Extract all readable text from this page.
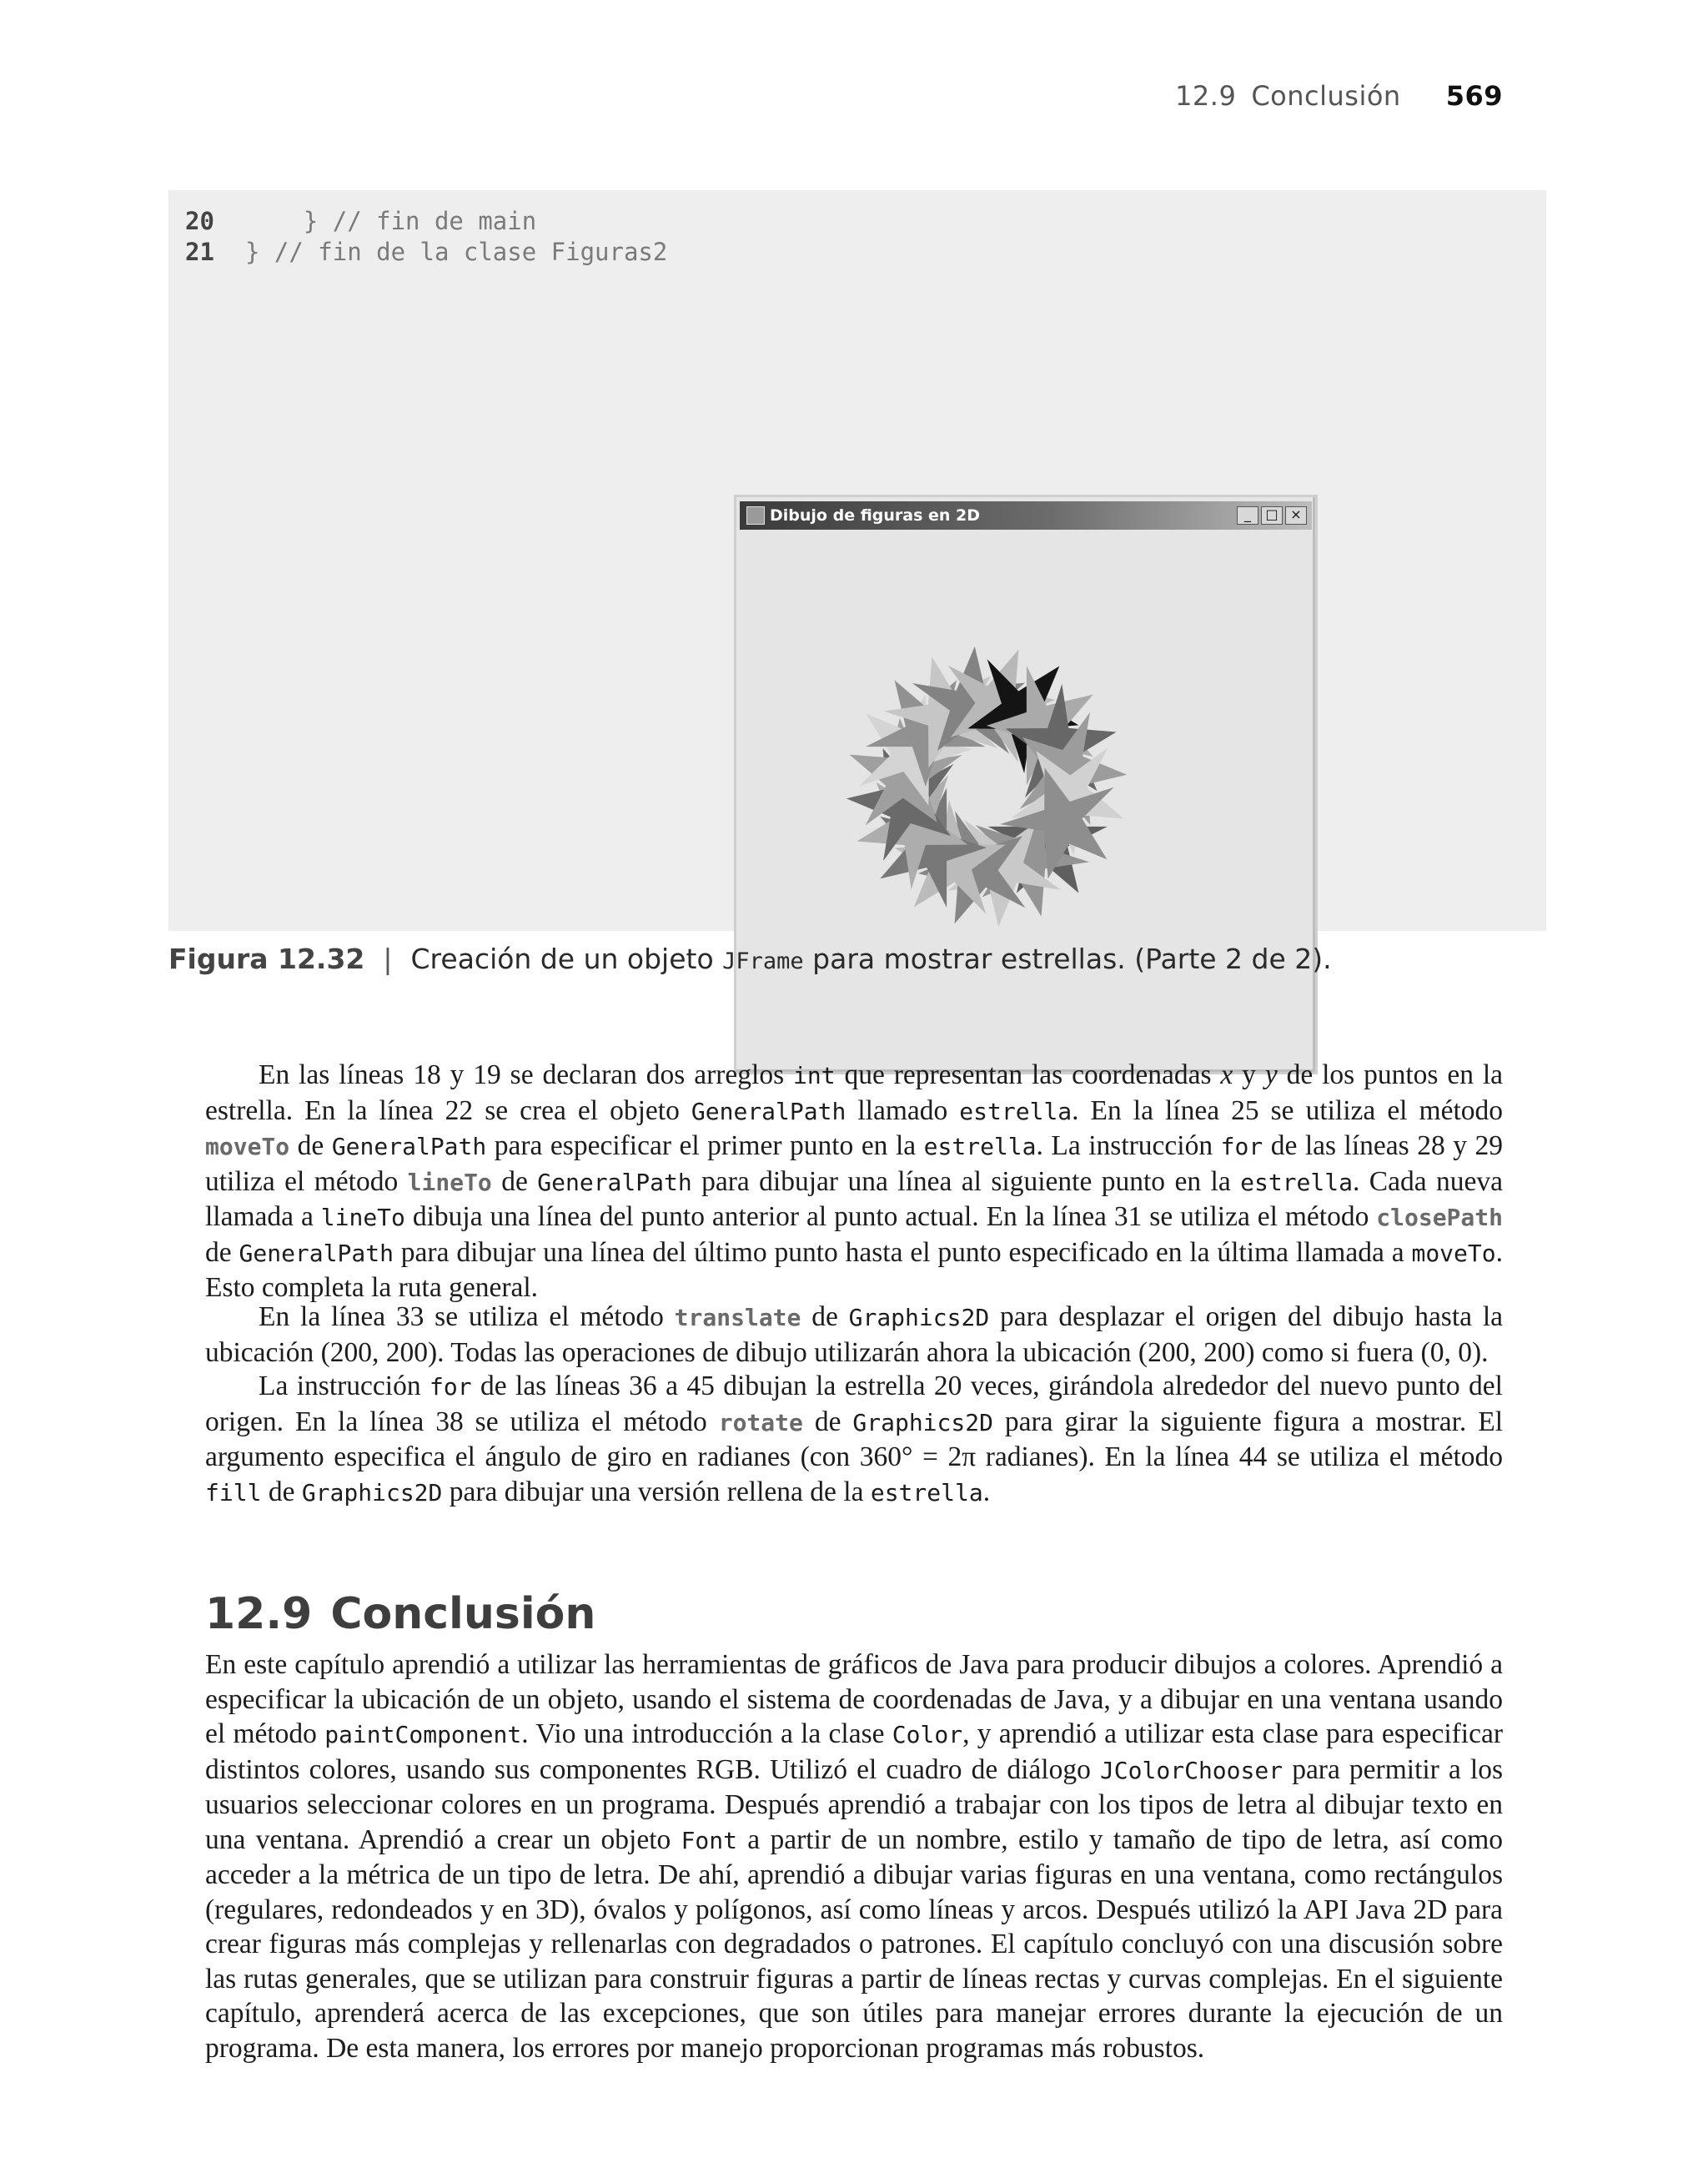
12.9 Conclusión 569
20    } // fin de main
21 } // fin de la clase Figuras2
Dibujo de figuras en 2D	_	□ ×
Figura 12.32 | Creación de un objeto JFrame para mostrar estrellas. (Parte 2 de 2).
En las líneas 18 y 19 se declaran dos arreglos int que representan las coordenadas x y y de los puntos en la estrella. En la línea 22 se crea el objeto GeneralPath llamado estrella. En la línea 25 se utiliza el método moveTo de GeneralPath para especificar el primer punto en la estrella. La instrucción for de las líneas 28 y 29 utiliza el método lineTo de GeneralPath para dibujar una línea al siguiente punto en la estrella. Cada nueva llamada a lineTo dibuja una línea del punto anterior al punto actual. En la línea 31 se utiliza el método closePath de GeneralPath para dibujar una línea del último punto hasta el punto especificado en la última llamada a moveTo. Esto completa la ruta general.
En la línea 33 se utiliza el método translate de Graphics2D para desplazar el origen del dibujo hasta la ubicación (200, 200). Todas las operaciones de dibujo utilizarán ahora la ubicación (200, 200) como si fuera (0, 0).
La instrucción for de las líneas 36 a 45 dibujan la estrella 20 veces, girándola alrededor del nuevo punto del origen. En la línea 38 se utiliza el método rotate de Graphics2D para girar la siguiente figura a mostrar. El argumento especifica el ángulo de giro en radianes (con 360° = 2π radianes). En la línea 44 se utiliza el método fill de Graphics2D para dibujar una versión rellena de la estrella.
12.9 Conclusión
En este capítulo aprendió a utilizar las herramientas de gráficos de Java para producir dibujos a colores. Aprendió a especificar la ubicación de un objeto, usando el sistema de coordenadas de Java, y a dibujar en una ventana usando el método paintComponent. Vio una introducción a la clase Color, y aprendió a utilizar esta clase para especificar distintos colores, usando sus componentes RGB. Utilizó el cuadro de diálogo JColorChooser para permitir a los usuarios seleccionar colores en un programa. Después aprendió a trabajar con los tipos de letra al dibujar texto en una ventana. Aprendió a crear un objeto Font a partir de un nombre, estilo y tamaño de tipo de letra, así como acceder a la métrica de un tipo de letra. De ahí, aprendió a dibujar varias figuras en una ventana, como rectángulos (regulares, redondeados y en 3D), óvalos y polígonos, así como líneas y arcos. Después utilizó la API Java 2D para crear figuras más complejas y rellenarlas con degradados o patrones. El capítulo concluyó con una discusión sobre las rutas generales, que se utilizan para construir figuras a partir de líneas rectas y curvas complejas. En el siguiente capítulo, aprenderá acerca de las excepciones, que son útiles para manejar errores durante la ejecución de un programa. De esta manera, los errores por manejo proporcionan programas más robustos.
